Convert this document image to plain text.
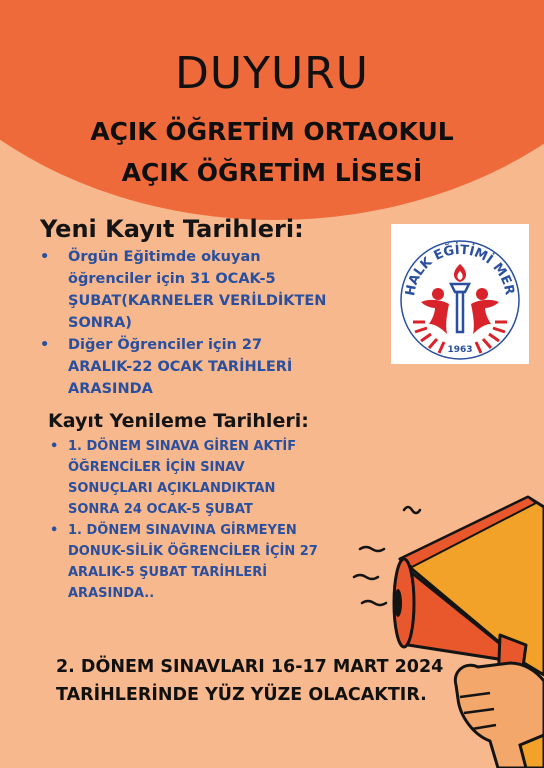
DUYURU
AÇIK ÖĞRETİM ORTAOKUL
AÇIK ÖĞRETİM LİSESİ
Yeni Kayıt Tarihleri:
• Örgün Eğitimde okuyan öğrenciler için 31 OCAK-5 ŞUBAT(KARNELER VERİLDİKTEN SONRA)
• Diğer Öğrenciler için 27 ARALIK-22 OCAK TARİHLERİ ARASINDA
Kayıt Yenileme Tarihleri:
• 1. DÖNEM SINAVA GİREN AKTİF ÖĞRENCİLER İÇİN SINAV SONUÇLARI AÇIKLANDIKTAN SONRA 24 OCAK-5 ŞUBAT
• 1. DÖNEM SINAVINA GİRMEYEN DONUK-SİLİK ÖĞRENCİLER İÇİN 27 ARALIK-5 ŞUBAT TARİHLERİ ARASINDA..
2. DÖNEM SINAVLARI 16-17 MART 2024 TARİHLERİNDE YÜZ YÜZE OLACAKTIR.
HALK EĞİTİMİ MER
1963
